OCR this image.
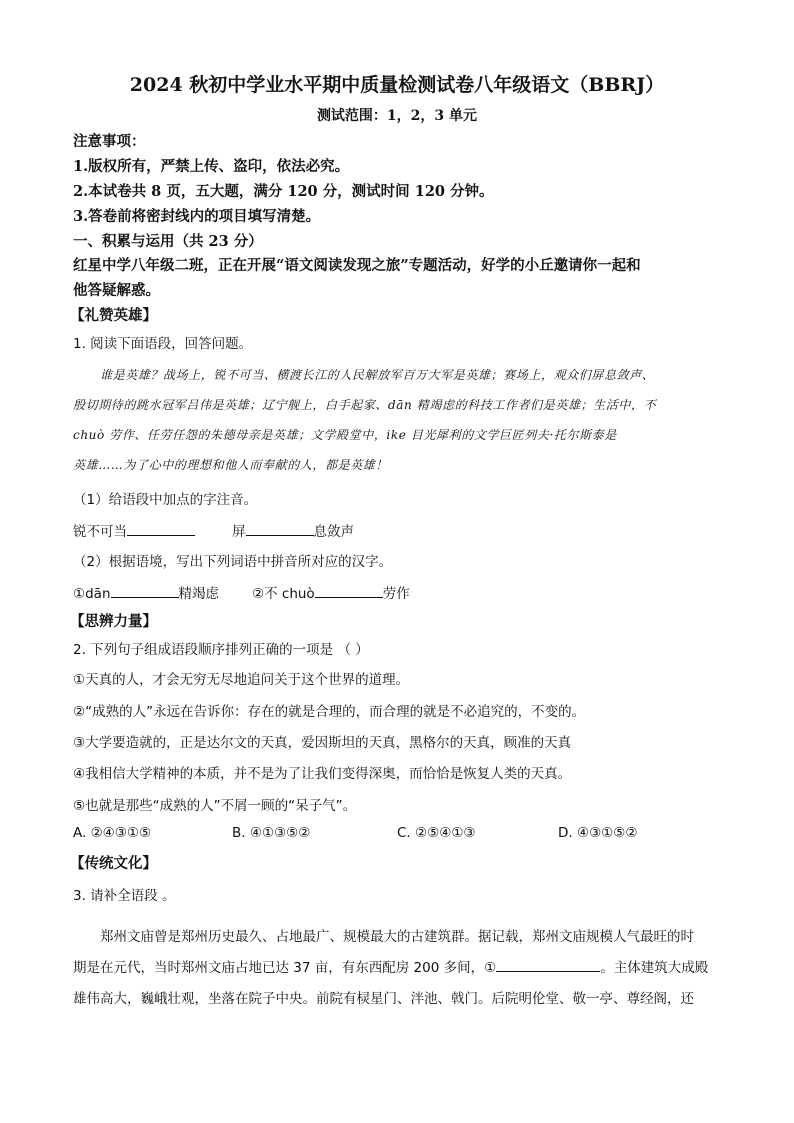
2024 秋初中学业水平期中质量检测试卷八年级语文（BBRJ）
测试范围：1，2，3 单元
注意事项：
1.版权所有，严禁上传、盗印，依法必究。
2.本试卷共 8 页，五大题，满分 120 分，测试时间 120 分钟。
3.答卷前将密封线内的项目填写清楚。
一、积累与运用（共 23 分）
红星中学八年级二班，正在开展“语文阅读发现之旅”专题活动，好学的小丘邀请你一起和
他答疑解惑。
【礼赞英雄】
1. 阅读下面语段，回答问题。
谁是英雄？战场上，锐不可当、横渡长江的人民解放军百万大军是英雄；赛场上，观众们屏息敛声、
殷切期待的跳水冠军吕伟是英雄；辽宁舰上，白手起家、dān 精竭虑的科技工作者们是英雄；生活中，不
chuò 劳作、任劳任怨的朱德母亲是英雄；文学殿堂中，ike 目光犀利的文学巨匠列夫·托尔斯泰是
英雄……为了心中的理想和他人而奉献的人，都是英雄！
（1）给语段中加点的字注音。
锐不可当	屏	息敛声
（2）根据语境，写出下列词语中拼音所对应的汉字。
①dān	精竭虑 ②不 chuò	劳作
【思辨力量】
2. 下列句子组成语段顺序排列正确的一项是 （ ）
①天真的人，才会无穷无尽地追问关于这个世界的道理。
②“成熟的人”永远在告诉你：存在的就是合理的，而合理的就是不必追究的，不变的。
③大学要造就的，正是达尔文的天真，爱因斯坦的天真，黑格尔的天真，顾准的天真
④我相信大学精神的本质，并不是为了让我们变得深奥，而恰恰是恢复人类的天真。
⑤也就是那些“成熟的人”不屑一顾的“呆子气”。
A. ②④③①⑤	B. ④①③⑤②	C. ②⑤④①③	D. ④③①⑤②
【传统文化】
3. 请补全语段 。
郑州文庙曾是郑州历史最久、占地最广、规模最大的古建筑群。据记载，郑州文庙规模人气最旺的时
期是在元代，当时郑州文庙占地已达 37 亩，有东西配房 200 多间，①	。主体建筑大成殿
雄伟高大，巍峨壮观，坐落在院子中央。前院有棂星门、泮池、戟门。后院明伦堂、敬一亭、尊经阁，还
